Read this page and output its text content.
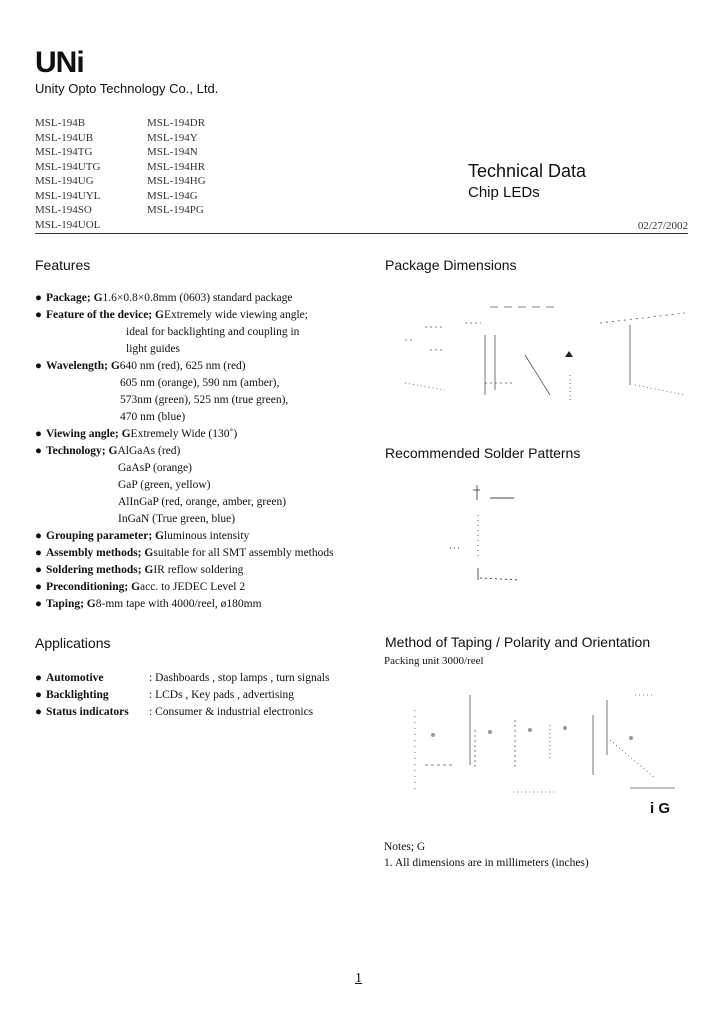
UNi
Unity Opto Technology Co., Ltd.
MSL-194B
MSL-194UB
MSL-194TG
MSL-194UTG
MSL-194UG
MSL-194UYL
MSL-194SO
MSL-194UOL
MSL-194DR
MSL-194Y
MSL-194N
MSL-194HR
MSL-194HG
MSL-194G
MSL-194PG
Technical Data
Chip LEDs
02/27/2002
Features
Applications
● Package; G1.6×0.8×0.8mm (0603) standard package
● Feature of the device; GExtremely wide viewing angle;
ideal for backlighting and coupling in
light guides
● Wavelength; G640 nm (red), 625 nm (red)
605 nm (orange), 590 nm (amber),
573nm (green), 525 nm (true green),
470 nm (blue)
● Viewing angle; GExtremely Wide (130˚)
● Technology; GAlGaAs (red)
GaAsP (orange)
GaP (green, yellow)
AlInGaP (red, orange, amber, green)
InGaN (True green, blue)
● Grouping parameter; Gluminous intensity
● Assembly methods; Gsuitable for all SMT assembly methods
● Soldering methods; GIR reflow soldering
● Preconditioning; Gacc. to JEDEC Level 2
● Taping; G8-mm tape with 4000/reel, ø180mm
● Automotive	: Dashboards , stop lamps , turn signals
● Backlighting	: LCDs , Key pads , advertising
● Status indicators : Consumer & industrial electronics
Package Dimensions
Recommended Solder Patterns
Method of Taping / Polarity and Orientation
Packing unit 3000/reel
i G
Notes; G
1. All dimensions are in millimeters (inches)
1
